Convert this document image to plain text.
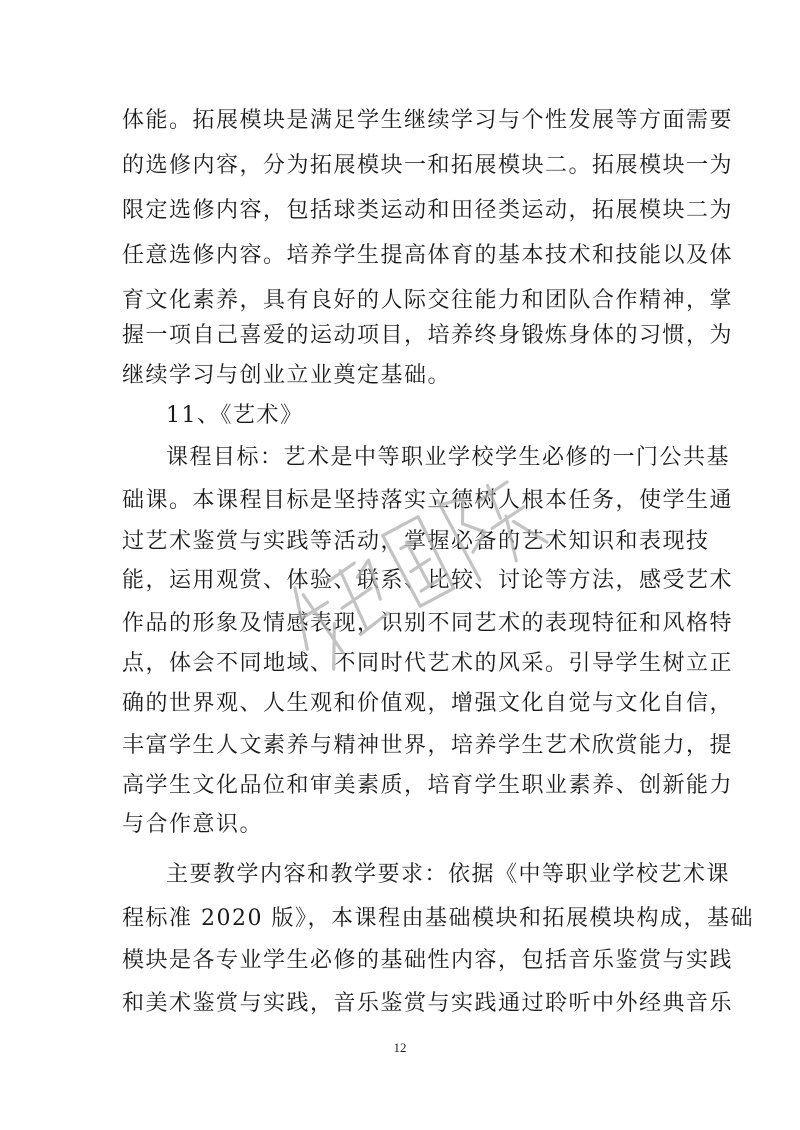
体能。拓展模块是满足学生继续学习与个性发展等方面需要
的选修内容，分为拓展模块一和拓展模块二。拓展模块一为
限定选修内容，包括球类运动和田径类运动，拓展模块二为
任意选修内容。培养学生提高体育的基本技术和技能以及体
育文化素养，具有良好的人际交往能力和团队合作精神，掌
握一项自己喜爱的运动项目，培养终身锻炼身体的习惯，为
继续学习与创业立业奠定基础。
11、《艺术》
课程目标：艺术是中等职业学校学生必修的一门公共基
础课。本课程目标是坚持落实立德树人根本任务，使学生通
过艺术鉴赏与实践等活动，掌握必备的艺术知识和表现技
能，运用观赏、体验、联系、比较、讨论等方法，感受艺术
作品的形象及情感表现，识别不同艺术的表现特征和风格特
点，体会不同地域、不同时代艺术的风采。引导学生树立正
确的世界观、人生观和价值观，增强文化自觉与文化自信，
丰富学生人文素养与精神世界，培养学生艺术欣赏能力，提
高学生文化品位和审美素质，培育学生职业素养、创新能力
与合作意识。
主要教学内容和教学要求：依据《中等职业学校艺术课
程标准 2020 版》，本课程由基础模块和拓展模块构成，基础
模块是各专业学生必修的基础性内容，包括音乐鉴赏与实践
和美术鉴赏与实践，音乐鉴赏与实践通过聆听中外经典音乐
12
